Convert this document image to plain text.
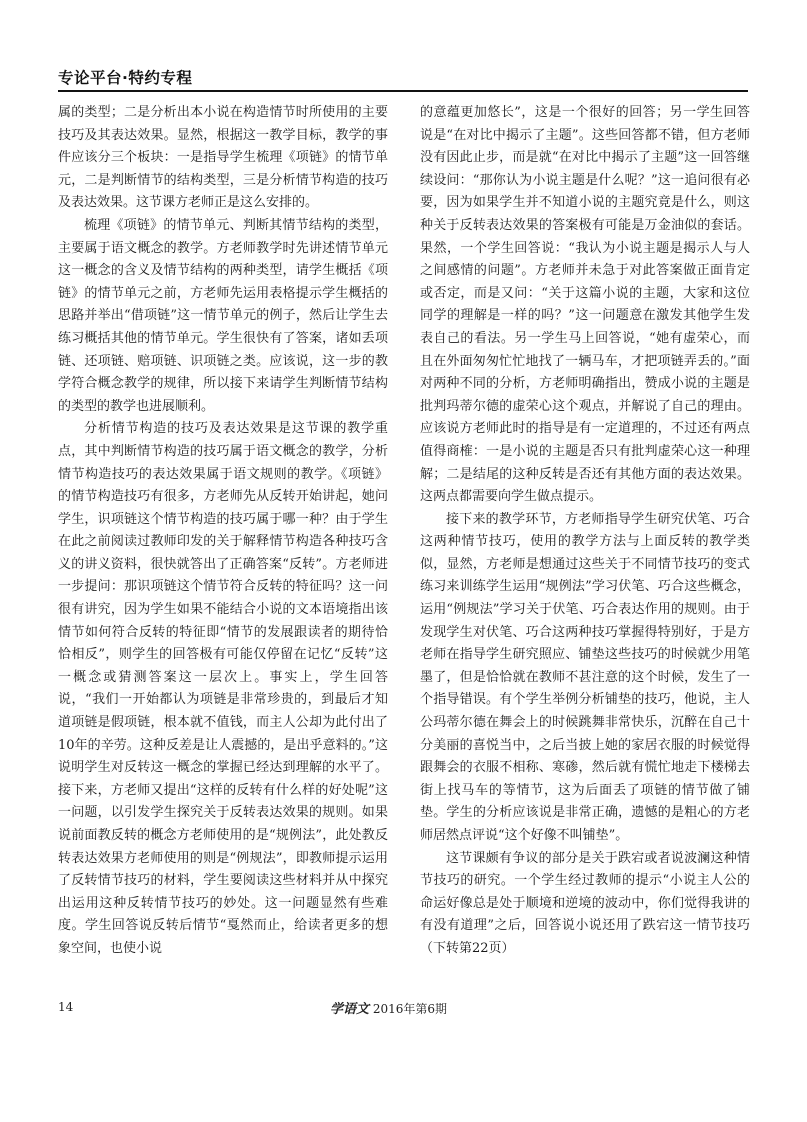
专论平台·特约专程

属的类型；二是分析出本小说在构造情节时所使用的主要技巧及其表达效果。显然，根据这一教学目标，教学的事件应该分三个板块：一是指导学生梳理《项链》的情节单元，二是判断情节的结构类型，三是分析情节构造的技巧及表达效果。这节课方老师正是这么安排的。

梳理《项链》的情节单元、判断其情节结构的类型，主要属于语文概念的教学。方老师教学时先讲述情节单元这一概念的含义及情节结构的两种类型，请学生概括《项链》的情节单元之前，方老师先运用表格提示学生概括的思路并举出“借项链”这一情节单元的例子，然后让学生去练习概括其他的情节单元。学生很快有了答案，诸如丢项链、还项链、赔项链、识项链之类。应该说，这一步的教学符合概念教学的规律，所以接下来请学生判断情节结构的类型的教学也进展顺利。

分析情节构造的技巧及表达效果是这节课的教学重点，其中判断情节构造的技巧属于语文概念的教学，分析情节构造技巧的表达效果属于语文规则的教学。《项链》的情节构造技巧有很多，方老师先从反转开始讲起，她问学生，识项链这个情节构造的技巧属于哪一种？由于学生在此之前阅读过教师印发的关于解释情节构造各种技巧含义的讲义资料，很快就答出了正确答案“反转”。方老师进一步提问：那识项链这个情节符合反转的特征吗？这一问很有讲究，因为学生如果不能结合小说的文本语境指出该情节如何符合反转的特征即“情节的发展跟读者的期待恰恰相反”，则学生的回答极有可能仅停留在记忆“反转”这一概念或猜测答案这一层次上。事实上，学生回答说，“我们一开始都认为项链是非常珍贵的，到最后才知道项链是假项链，根本就不值钱，而主人公却为此付出了10年的辛劳。这种反差是让人震撼的，是出乎意料的。”这说明学生对反转这一概念的掌握已经达到理解的水平了。接下来，方老师又提出“这样的反转有什么样的好处呢”这一问题，以引发学生探究关于反转表达效果的规则。如果说前面教反转的概念方老师使用的是“规例法”，此处教反转表达效果方老师使用的则是“例规法”，即教师提示运用了反转情节技巧的材料，学生要阅读这些材料并从中探究出运用这种反转情节技巧的妙处。这一问题显然有些难度。学生回答说反转后情节“戛然而止，给读者更多的想象空间，也使小说

的意蕴更加悠长”，这是一个很好的回答；另一学生回答说是“在对比中揭示了主题”。这些回答都不错，但方老师没有因此止步，而是就“在对比中揭示了主题”这一回答继续设问：“那你认为小说主题是什么呢？”这一追问很有必要，因为如果学生并不知道小说的主题究竟是什么，则这种关于反转表达效果的答案极有可能是万金油似的套话。果然，一个学生回答说：“我认为小说主题是揭示人与人之间感情的问题”。方老师并未急于对此答案做正面肯定或否定，而是又问：“关于这篇小说的主题，大家和这位同学的理解是一样的吗？”这一问题意在激发其他学生发表自己的看法。另一学生马上回答说，“她有虚荣心，而且在外面匆匆忙忙地找了一辆马车，才把项链弄丢的。”面对两种不同的分析，方老师明确指出，赞成小说的主题是批判玛蒂尔德的虚荣心这个观点，并解说了自己的理由。应该说方老师此时的指导是有一定道理的，不过还有两点值得商榷：一是小说的主题是否只有批判虚荣心这一种理解；二是结尾的这种反转是否还有其他方面的表达效果。这两点都需要向学生做点提示。

接下来的教学环节，方老师指导学生研究伏笔、巧合这两种情节技巧，使用的教学方法与上面反转的教学类似，显然，方老师是想通过这些关于不同情节技巧的变式练习来训练学生运用“规例法”学习伏笔、巧合这些概念，运用“例规法”学习关于伏笔、巧合表达作用的规则。由于发现学生对伏笔、巧合这两种技巧掌握得特别好，于是方老师在指导学生研究照应、铺垫这些技巧的时候就少用笔墨了，但是恰恰就在教师不甚注意的这个时候，发生了一个指导错误。有个学生举例分析铺垫的技巧，他说，主人公玛蒂尔德在舞会上的时候跳舞非常快乐，沉醉在自己十分美丽的喜悦当中，之后当披上她的家居衣服的时候觉得跟舞会的衣服不相称、寒碜，然后就有慌忙地走下楼梯去街上找马车的等情节，这为后面丢了项链的情节做了铺垫。学生的分析应该说是非常正确，遗憾的是粗心的方老师居然点评说“这个好像不叫铺垫”。

这节课颇有争议的部分是关于跌宕或者说波澜这种情节技巧的研究。一个学生经过教师的提示“小说主人公的命运好像总是处于顺境和逆境的波动中，你们觉得我讲的有没有道理”之后，回答说小说还用了跌宕这一情节技巧　（下转第22页）

14	学语文 2016年第6期
